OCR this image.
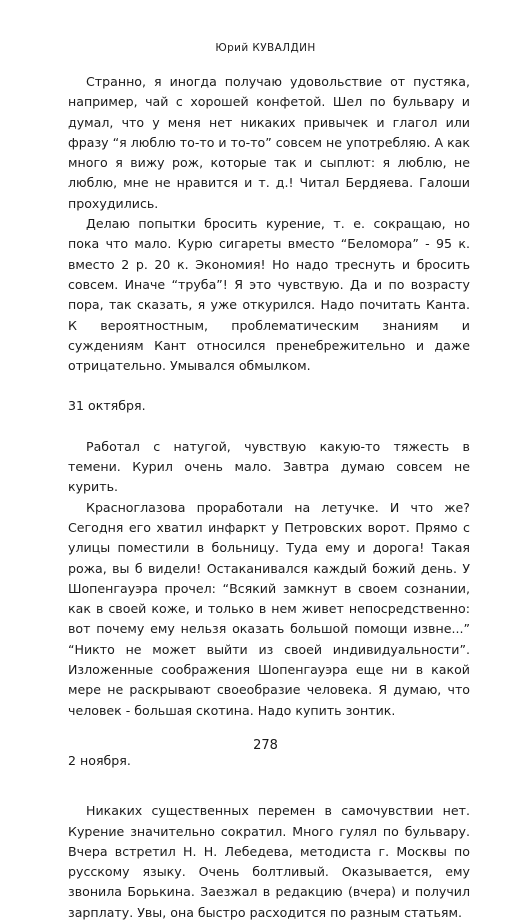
Юрий КУВАЛДИН

Странно, я иногда получаю удовольствие от пустяка, например, чай с хорошей конфетой. Шел по бульвару и думал, что у меня нет никаких привычек и глагол или фразу “я люблю то-то и то-то” совсем не употребляю. А как много я вижу рож, которые так и сыплют: я люблю, не люблю, мне не нравится и т. д.! Читал Бердяева. Галоши прохудились.

Делаю попытки бросить курение, т. е. сокращаю, но пока что мало. Курю сигареты вместо “Беломора” - 95 к. вместо 2 р. 20 к. Экономия! Но надо треснуть и бросить совсем. Иначе “труба”! Я это чувствую. Да и по возрасту пора, так сказать, я уже откурился. Надо почитать Канта. К вероятностным, проблематическим знаниям и суждениям Кант относился пренебрежительно и даже отрицательно. Умывался обмылком.

31 октября.

Работал с натугой, чувствую какую-то тяжесть в темени. Курил очень мало. Завтра думаю совсем не курить.

Красноглазова проработали на летучке. И что же? Сегодня его хватил инфаркт у Петровских ворот. Прямо с улицы поместили в больницу. Туда ему и дорога! Такая рожа, вы б видели! Остаканивался каждый божий день. У Шопенгауэра прочел: “Всякий замкнут в своем сознании, как в своей коже, и только в нем живет непосредственно: вот почему ему нельзя оказать большой помощи извне...” “Никто не может выйти из своей индивидуальности”. Изложенные соображения Шопенгауэра еще ни в какой мере не раскрывают своеобразие человека. Я думаю, что человек - большая скотина. Надо купить зонтик.

2 ноября.

Никаких существенных перемен в самочувствии нет. Курение значительно сократил. Много гулял по бульвару. Вчера встретил Н. Н. Лебедева, методиста г. Москвы по русскому языку. Очень болтливый. Оказывается, ему звонила Борькина. Заезжал в редакцию (вчера) и получил зарплату. Увы, она быстро расходится по разным статьям.

278
